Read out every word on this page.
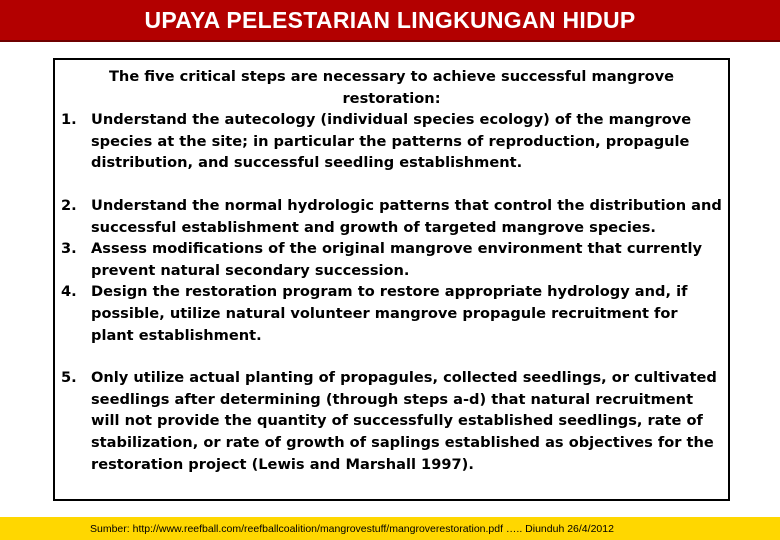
UPAYA PELESTARIAN LINGKUNGAN HIDUP
The five critical steps are necessary to achieve successful mangrove restoration:
1. Understand the autecology (individual species ecology) of the mangrove species at the site; in particular the patterns of reproduction, propagule distribution, and successful seedling establishment.
2. Understand the normal hydrologic patterns that control the distribution and successful establishment and growth of targeted mangrove species.
3. Assess modifications of the original mangrove environment that currently prevent natural secondary succession.
4. Design the restoration program to restore appropriate hydrology and, if possible, utilize natural volunteer mangrove propagule recruitment for plant establishment.
5. Only utilize actual planting of propagules, collected seedlings, or cultivated seedlings after determining (through steps a-d) that natural recruitment will not provide the quantity of successfully established seedlings, rate of stabilization, or rate of growth of saplings established as objectives for the restoration project (Lewis and Marshall 1997).
Sumber: http://www.reefball.com/reefballcoalition/mangrovestuff/mangroverestoration.pdf ….. Diunduh 26/4/2012
